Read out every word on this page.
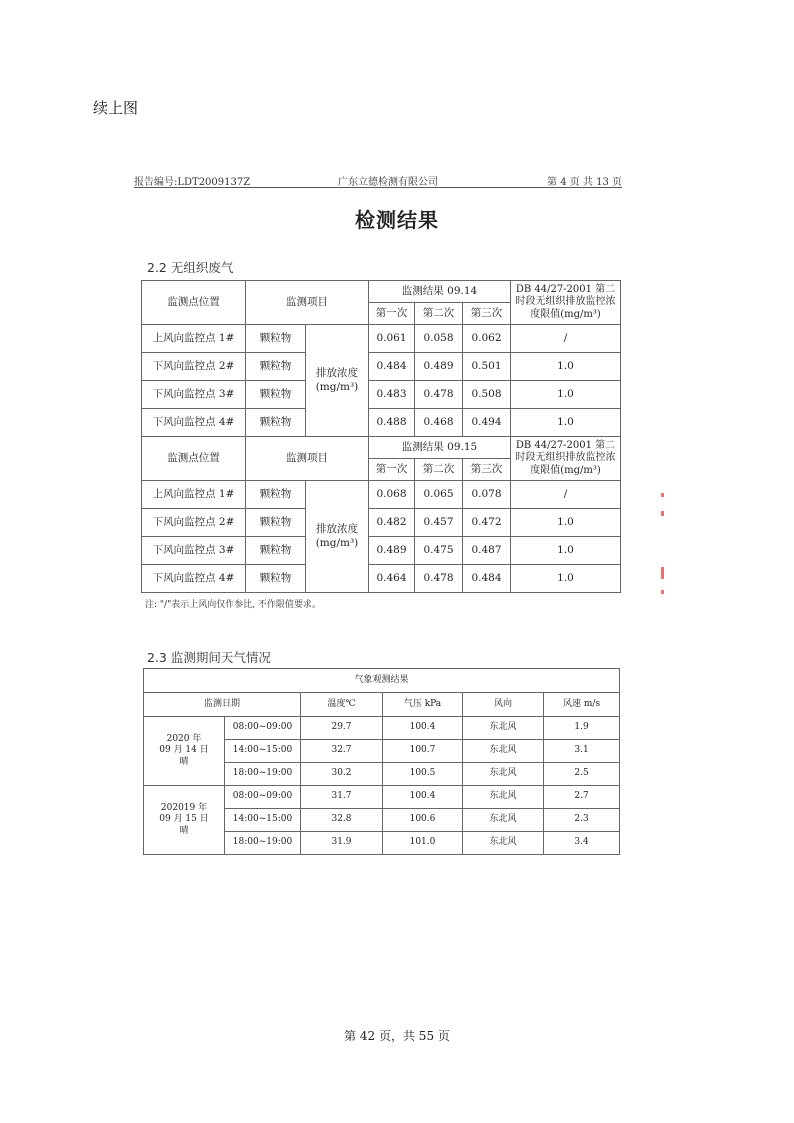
续上图
报告编号:LDT2009137Z	广东立德检测有限公司	第 4 页 共 13 页
检测结果
2.2 无组织废气
监测点位置	监测项目		监测结果 09.14			DB 44/27-2001 第二时段无组织排放监控浓度限值(mg/m³)
			第一次	第二次	第三次	
上风向监控点 1#	颗粒物	排放浓度(mg/m³)	0.061	0.058	0.062	/
下风向监控点 2#	颗粒物		0.484	0.489	0.501	1.0
下风向监控点 3#	颗粒物		0.483	0.478	0.508	1.0
下风向监控点 4#	颗粒物		0.488	0.468	0.494	1.0
监测点位置	监测项目		监测结果 09.15			DB 44/27-2001 第二时段无组织排放监控浓度限值(mg/m³)
			第一次	第二次	第三次	
上风向监控点 1#	颗粒物	排放浓度(mg/m³)	0.068	0.065	0.078	/
下风向监控点 2#	颗粒物		0.482	0.457	0.472	1.0
下风向监控点 3#	颗粒物		0.489	0.475	0.487	1.0
下风向监控点 4#	颗粒物		0.464	0.478	0.484	1.0
注: "/"表示上风向仅作参比, 不作限值要求。
2.3 监测期间天气情况
气象观测结果					
监测日期		温度℃	气压 kPa	风向	风速 m/s

2020 年
09 月 14 日
晴	08:00~09:00	29.7	100.4	东北风	1.9
	14:00~15:00	32.7	100.7	东北风	3.1
	18:00~19:00	30.2	100.5	东北风	2.5

202019 年
09 月 15 日
晴	08:00~09:00	31.7	100.4	东北风	2.7
	14:00~15:00	32.8	100.6	东北风	2.3
	18:00~19:00	31.9	101.0	东北风	3.4
第 42 页，共 55 页
